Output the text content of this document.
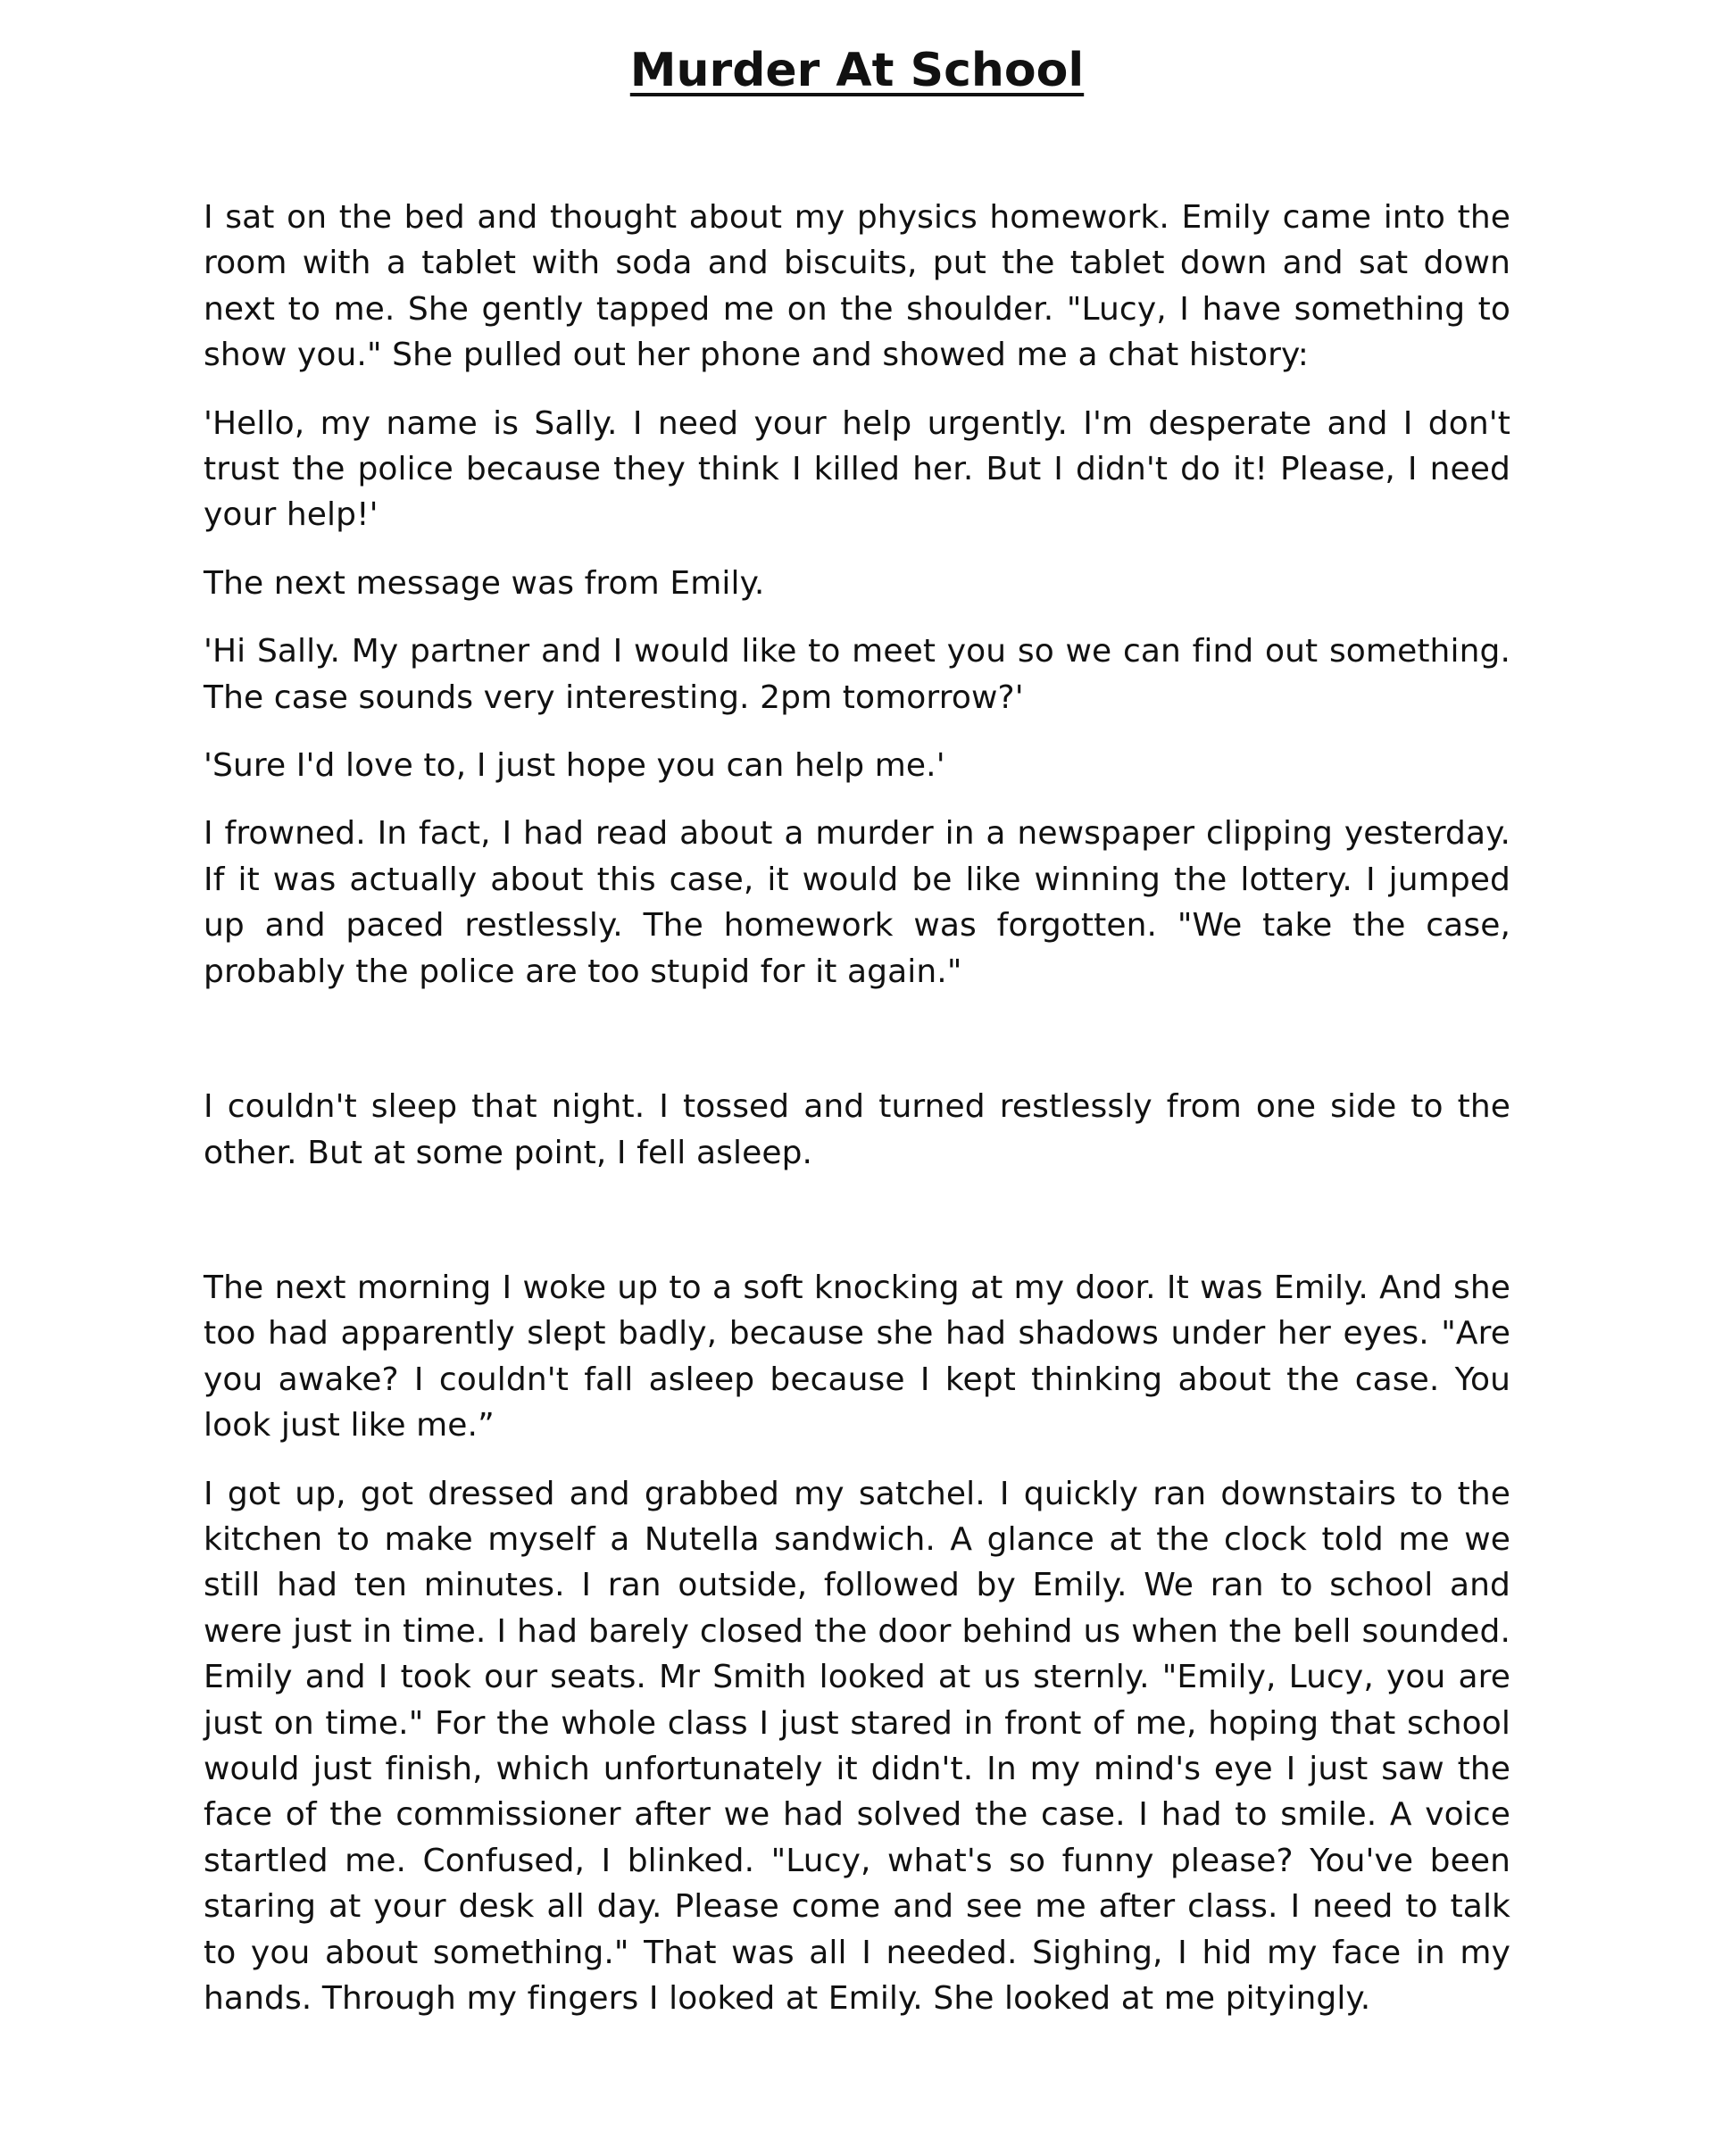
Murder At School

I sat on the bed and thought about my physics homework. Emily came into the room with a tablet with soda and biscuits, put the tablet down and sat down next to me. She gently tapped me on the shoulder. "Lucy, I have something to show you." She pulled out her phone and showed me a chat history:

'Hello, my name is Sally. I need your help urgently. I'm desperate and I don't trust the police because they think I killed her. But I didn't do it! Please, I need your help!'

The next message was from Emily.

'Hi Sally. My partner and I would like to meet you so we can find out something. The case sounds very interesting. 2pm tomorrow?'

'Sure I'd love to, I just hope you can help me.'

I frowned. In fact, I had read about a murder in a newspaper clipping yesterday. If it was actually about this case, it would be like winning the lottery. I jumped up and paced restlessly. The homework was forgotten. "We take the case, probably the police are too stupid for it again."

I couldn't sleep that night. I tossed and turned restlessly from one side to the other. But at some point, I fell asleep.

The next morning I woke up to a soft knocking at my door. It was Emily. And she too had apparently slept badly, because she had shadows under her eyes. "Are you awake? I couldn't fall asleep because I kept thinking about the case. You look just like me.”

I got up, got dressed and grabbed my satchel. I quickly ran downstairs to the kitchen to make myself a Nutella sandwich. A glance at the clock told me we still had ten minutes. I ran outside, followed by Emily. We ran to school and were just in time. I had barely closed the door behind us when the bell sounded. Emily and I took our seats. Mr Smith looked at us sternly. "Emily, Lucy, you are just on time." For the whole class I just stared in front of me, hoping that school would just finish, which unfortunately it didn't. In my mind's eye I just saw the face of the commissioner after we had solved the case. I had to smile. A voice startled me. Confused, I blinked. "Lucy, what's so funny please? You've been staring at your desk all day. Please come and see me after class. I need to talk to you about something." That was all I needed. Sighing, I hid my face in my hands. Through my fingers I looked at Emily. She looked at me pityingly.
